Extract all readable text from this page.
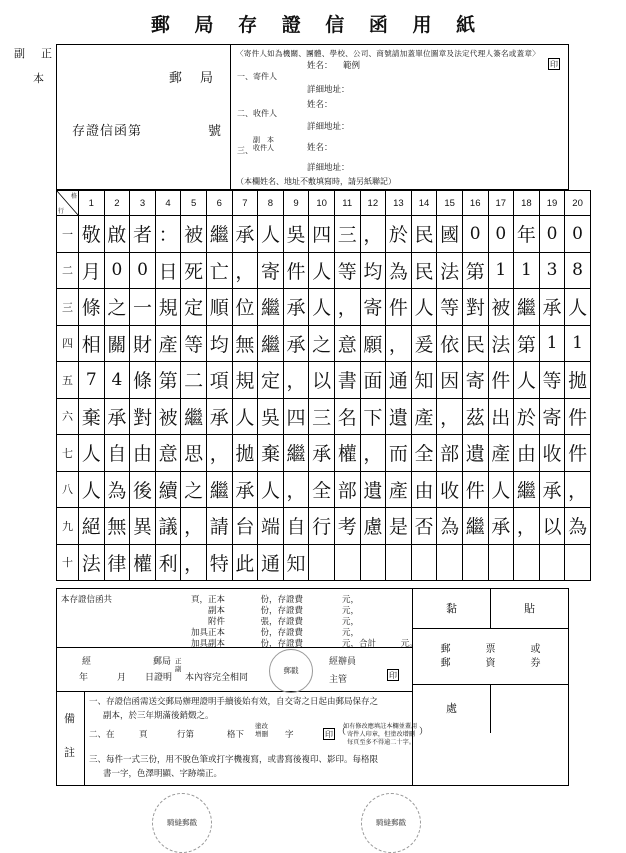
郵 局 存 證 信 函 用 紙
副 正
本	郵 局
存證信函第	號
〈寄件人如為機關、團體、學校、公司、商號請加蓋單位圖章及法定代理人簽名或蓋章〉
一、 寄件人
姓名： 範例	印
詳細地址：
二、 收件人
姓名：
詳細地址：
三、
副　本
收件人	姓名：
詳細地址：
（本欄姓名、地址不敷填寫時，請另紙聯記）
格
行	1	2	3	4	5	6	7	8	9	10	11	12	13	14	15	16	17	18	19	20
一	敬	啟	者	：	被	繼	承	人	吳	四	三	，	於	民	國	0	0	年	0	0
二	月	0	0	日	死	亡	，	寄	件	人	等	均	為	民	法	第	1	1	3	8
三	條	之	一	規	定	順	位	繼	承	人	，	寄	件	人	等	對	被	繼	承	人
四	相	關	財	產	等	均	無	繼	承	之	意	願	，	爰	依	民	法	第	1	1
五	7	4	條	第	二	項	規	定	，	以	書	面	通	知	因	寄	件	人	等	拋
六	棄	承	對	被	繼	承	人	吳	四	三	名	下	遺	產	，	茲	出	於	寄	件
七	人	自	由	意	思	，	拋	棄	繼	承	權	，	而	全	部	遺	產	由	收	件
八	人	為	後	續	之	繼	承	人	，	全	部	遺	產	由	收	件	人	繼	承	，
九	絕	無	異	議	，	請	台	端	自	行	考	慮	是	否	為	繼	承	，	以	為
十	法	律	權	利	，	特	此	通	知											
本存證信函共	頁，正本	份，存證費	元，
副本	份，存證費	元，
附件	張，存證費	元，
加具正本	份，存證費	元，
加具副本	份，存證費	元， 合計	元。
經
年	月
郵局
日證明
正
副
本內容完全相同
郵戳
經辦員
主管	印
備
註
一、存證信函需送交郵局辦理證明手續後始有效，自交寄之日起由郵局保存之
副本，於三年期滿後銷燬之。
二、在	頁	行第	格下
塗改
增刪 字	印 （
如有修改應填註本欄並蓋用
寄件人印章，但塗改增刪 ）
每頁至多不得逾二十字。
三、每件一式三份，用不脫色筆或打字機複寫，或書寫後複印、影印。每格限
書一字，色澤明顯、字跡端正。
黏	貼
郵	票	或
郵	資	券
處
騎縫郵戳	騎縫郵戳
